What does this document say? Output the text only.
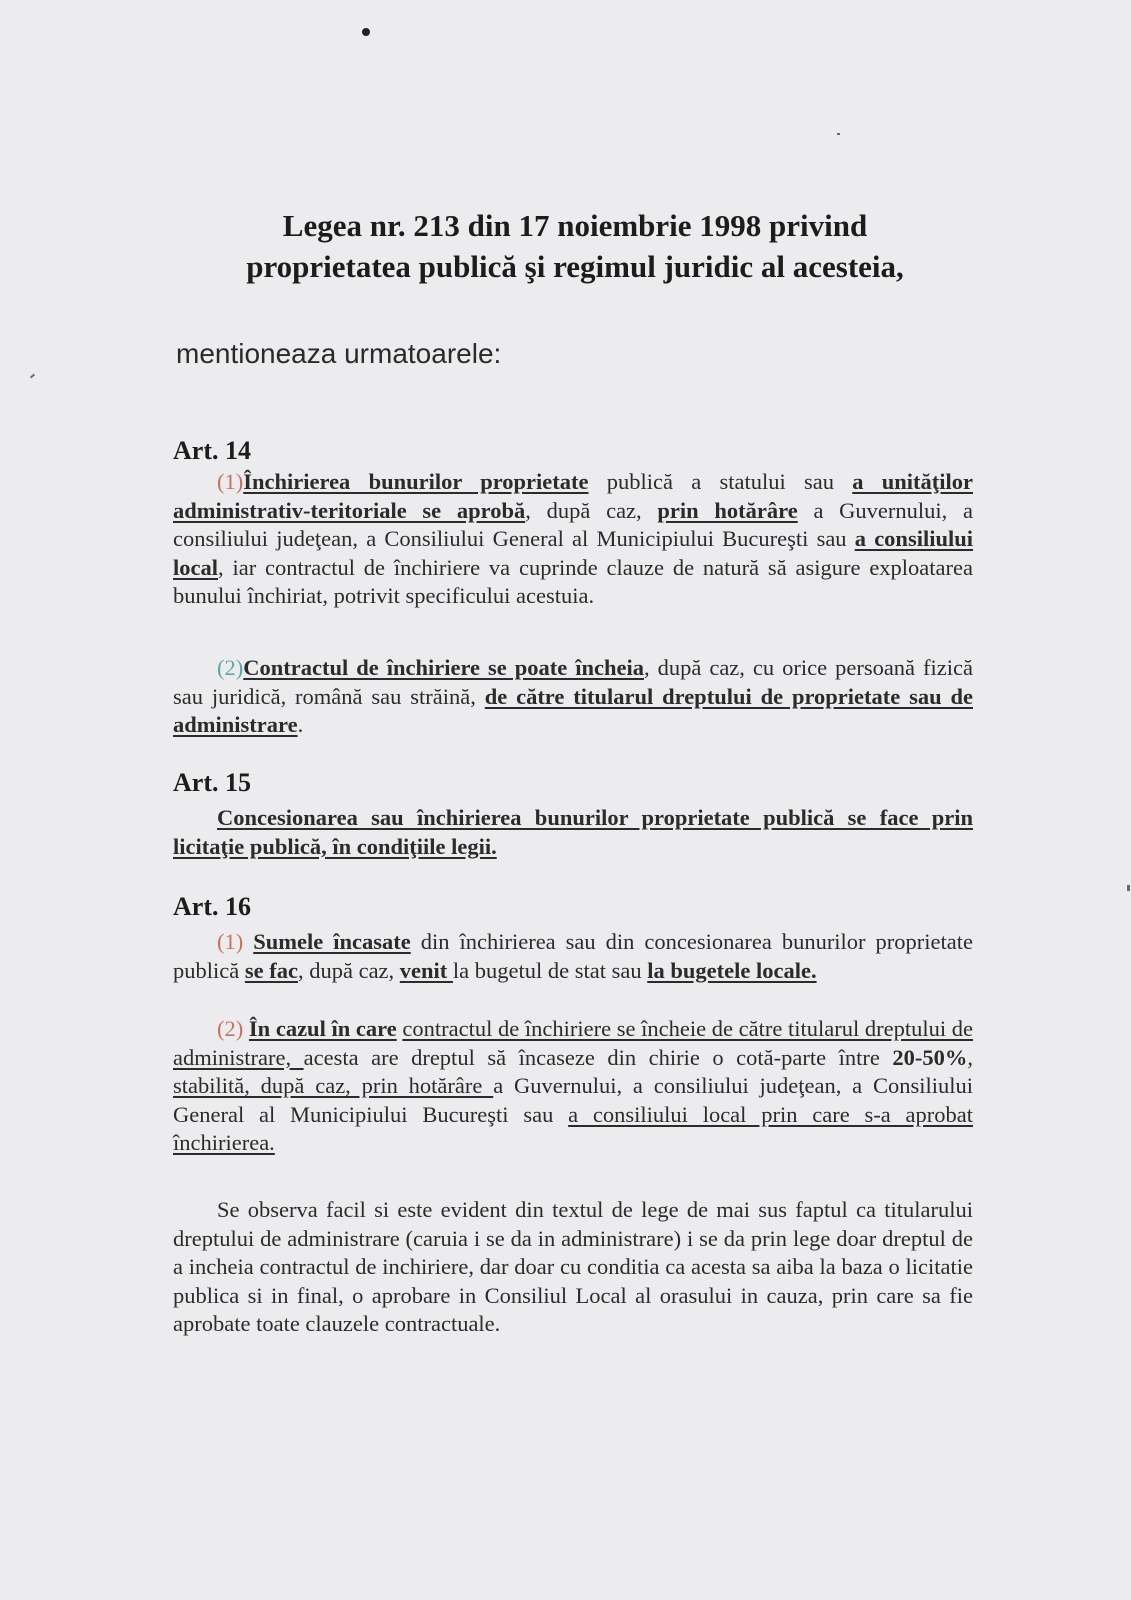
Legea nr. 213 din 17 noiembrie 1998 privind
proprietatea publică şi regimul juridic al acesteia,
mentioneaza urmatoarele:
Art. 14
(1)Închirierea bunurilor proprietate publică a statului sau a unităţilor administrativ-teritoriale se aprobă, după caz, prin hotărâre a Guvernului, a consiliului judeţean, a Consiliului General al Municipiului Bucureşti sau a consiliului local, iar contractul de închiriere va cuprinde clauze de natură să asigure exploatarea bunului închiriat, potrivit specificului acestuia.
(2)Contractul de închiriere se poate încheia, după caz, cu orice persoană fizică sau juridică, română sau străină, de către titularul dreptului de proprietate sau de administrare.
Art. 15
Concesionarea sau închirierea bunurilor proprietate publică se face prin licitaţie publică, în condiţiile legii.
Art. 16
(1) Sumele încasate din închirierea sau din concesionarea bunurilor proprietate publică se fac, după caz, venit la bugetul de stat sau la bugetele locale.
(2) În cazul în care contractul de închiriere se încheie de către titularul dreptului de administrare, acesta are dreptul să încaseze din chirie o cotă-parte între 20-50%, stabilită, după caz, prin hotărâre a Guvernului, a consiliului judeţean, a Consiliului General al Municipiului Bucureşti sau a consiliului local prin care s-a aprobat închirierea.
Se observa facil si este evident din textul de lege de mai sus faptul ca titularului dreptului de administrare (caruia i se da in administrare) i se da prin lege doar dreptul de a incheia contractul de inchiriere, dar doar cu conditia ca acesta sa aiba la baza o licitatie publica si in final, o aprobare in Consiliul Local al orasului in cauza, prin care sa fie aprobate toate clauzele contractuale.
